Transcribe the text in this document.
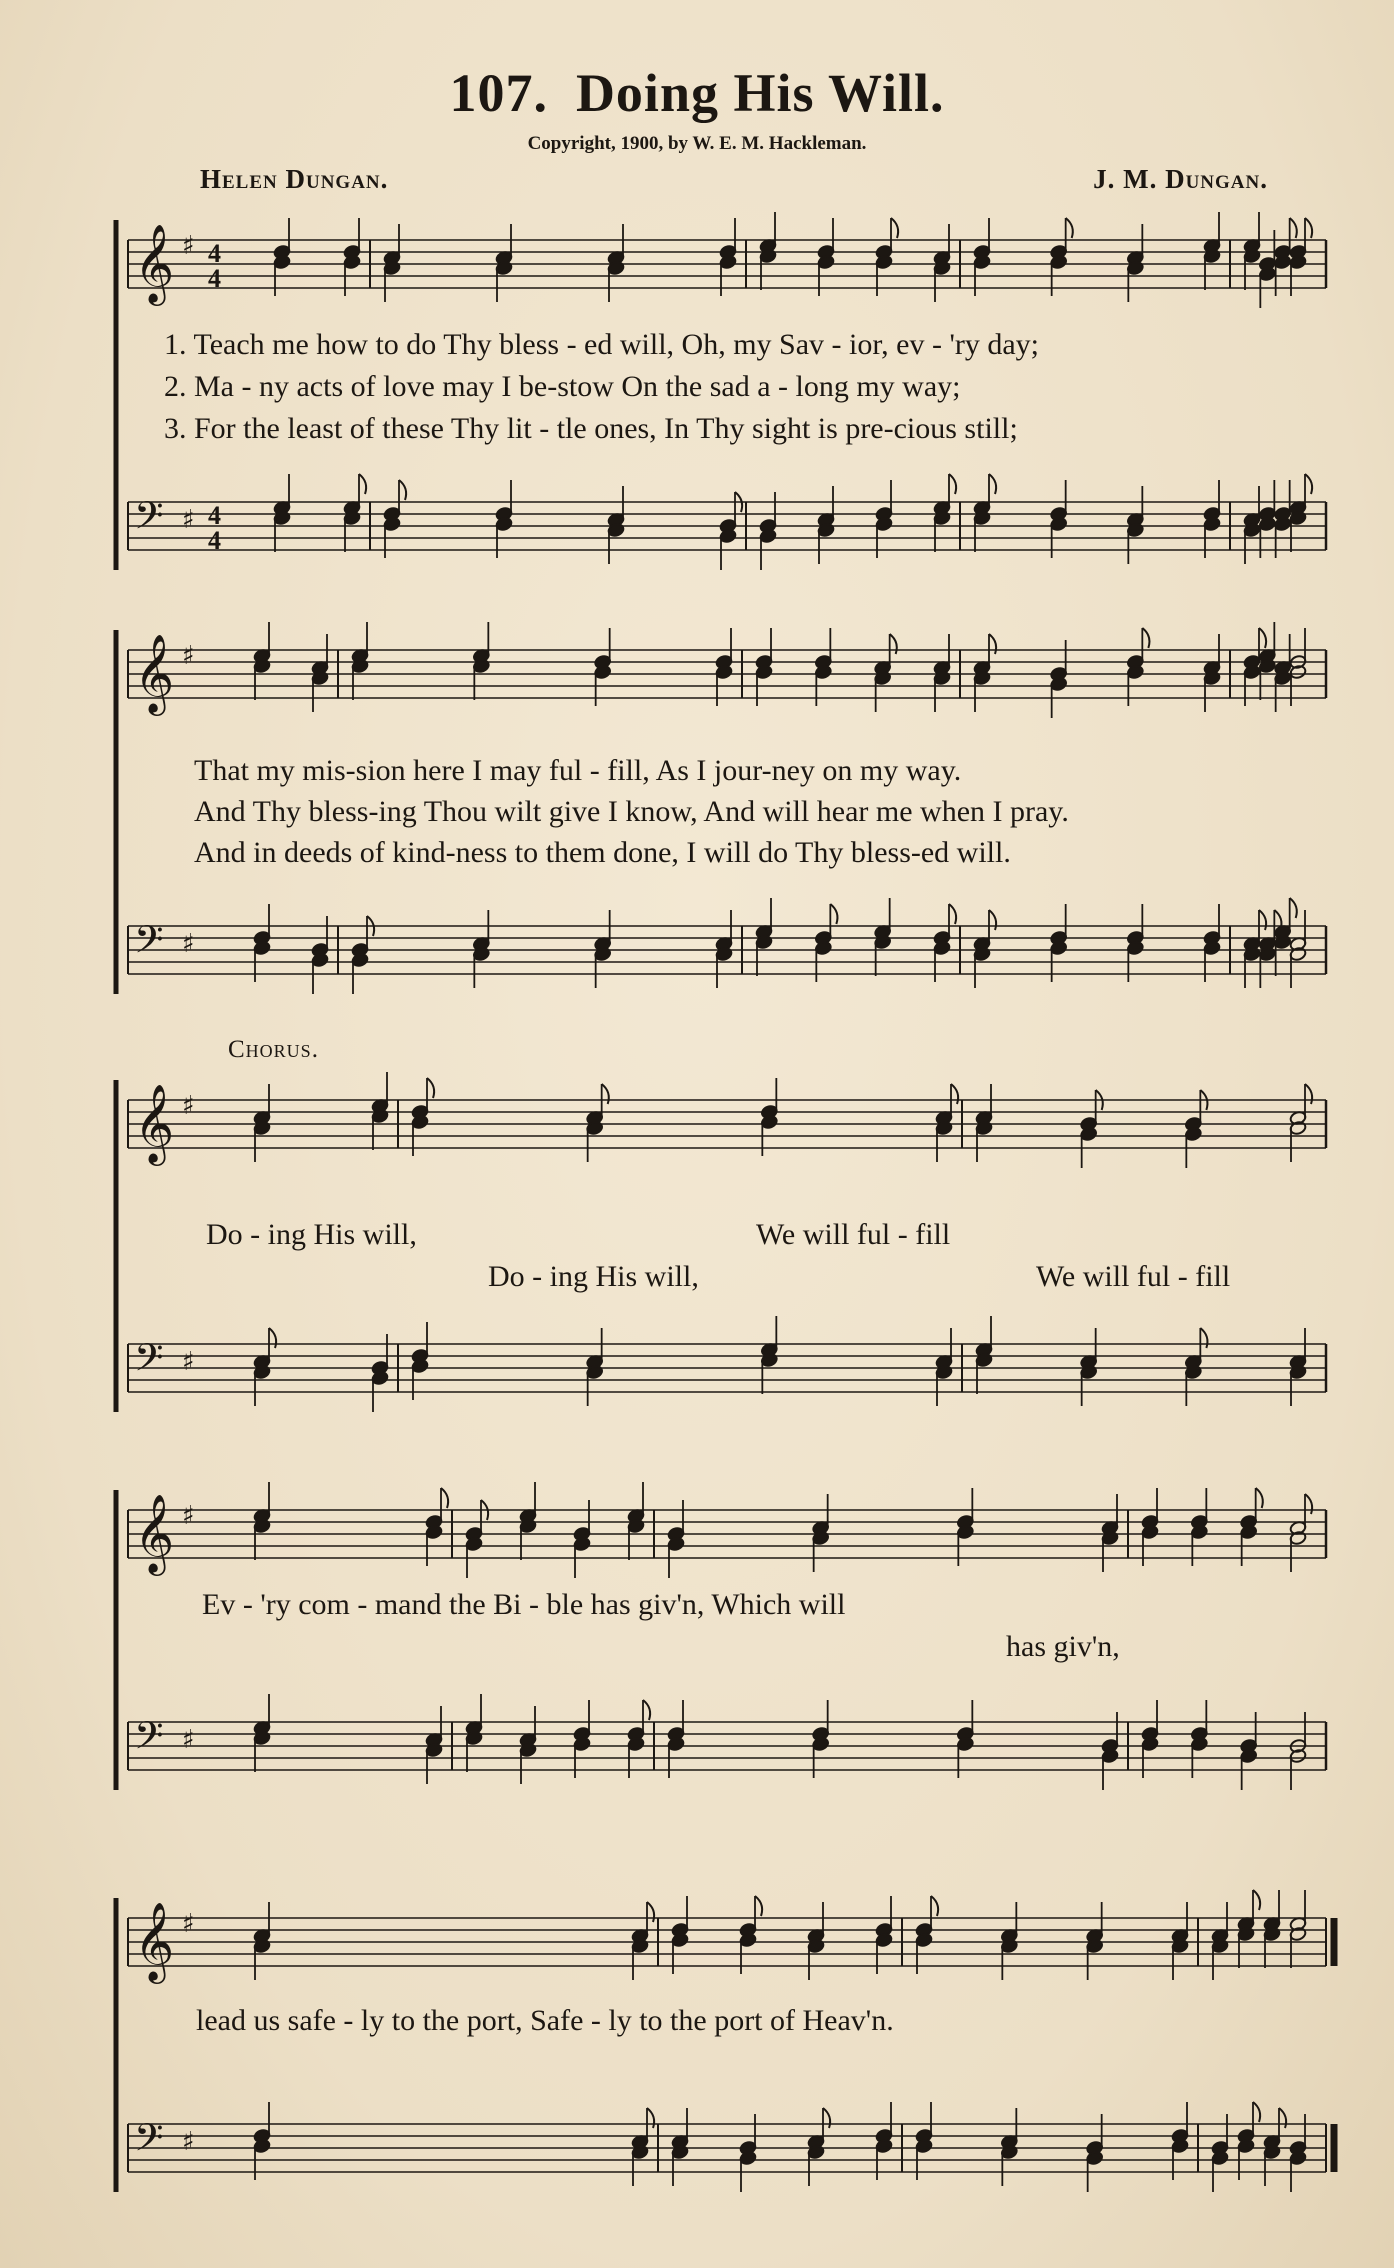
107. Doing His Will.
Copyright, 1900, by W. E. M. Hackleman.
Helen Dungan.	J. M. Dungan.
𝄞 ♯ 4
4
𝄢 ♯ 4
4
𝄞 ♯
𝄢 ♯
𝄞 ♯
𝄢 ♯
𝄞 ♯
𝄢 ♯
𝄞 ♯
𝄢 ♯
1. Teach me how to do Thy bless - ed will, Oh, my Sav - ior, ev - 'ry day;
2. Ma - ny acts of love may I be-stow On the sad a - long my way;
3. For the least of these Thy lit - tle ones, In Thy sight is pre-cious still;
That my mis-sion here I may ful - fill, As I jour-ney on my way.
And Thy bless-ing Thou wilt give I know, And will hear me when I pray.
And in deeds of kind-ness to them done, I will do Thy bless-ed will.
Chorus.
Do - ing His will,	We will ful - fill
Do - ing His will,	We will ful - fill
Ev - 'ry com - mand the Bi - ble has giv'n, Which will
has giv'n,
lead us safe - ly to the port, Safe - ly to the port of Heav'n.
